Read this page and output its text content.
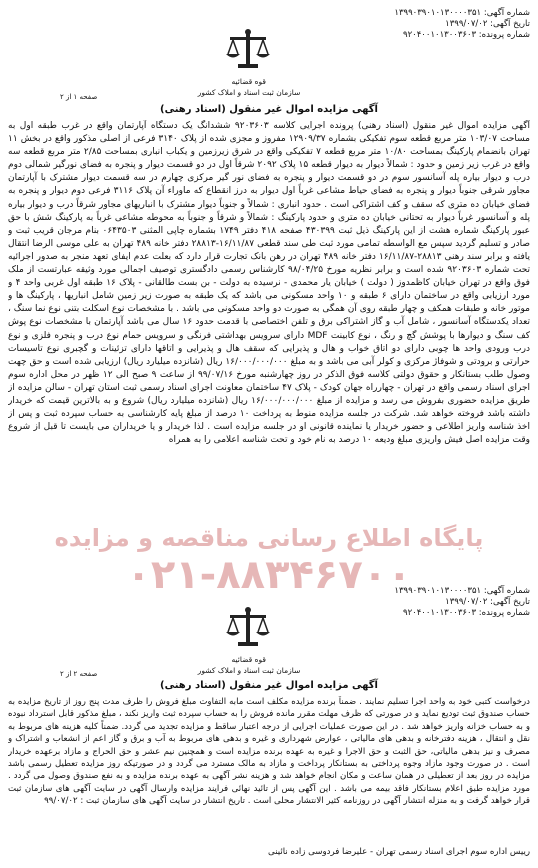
شماره آگهی: ۱۳۹۹۰۳۹۰۱۰۱۳۰۰۰۰۳۵۱
تاریخ آگهی: ۱۳۹۹/۰۷/۰۲
شماره پرونده: ۹۲۰۴۰۰۱۰۱۳۰۰۳۶۰۳
قوه قضائیه
سازمان ثبت اسناد و املاک کشور
صفحه ۱ از ۲
آگهی مزایده اموال غیر منقول (اسناد رهنی)
آگهی مزایده اموال غیر منقول (اسناد رهنی) پرونده اجرایی کلاسه ۹۲۰۳۶۰۳ ششدانگ یک دستگاه آپارتمان واقع در غرب طبقه اول به مساحت ۱۰۳/۰۷ متر مربع قطعه سوم تفکیکی بشماره ۱۲۹۰۹/۳۷ مفروز و مجزی شده از پلاک ۳۱۴۰ فرعی از اصلی مذکور واقع در بخش ۱۱ تهران بانضمام پارکینگ بمساحت ۱۰/۸۰ متر مربع قطعه ۷ تفکیکی واقع در شرق زیرزمین و یکباب انباری بمساحت ۲/۸۵ متر مربع قطعه سه واقع در غرب زیر زمین و حدود : شمالاً دیوار به دیوار قطعه ۱۵ پلاک ۲۰۹۲ شرقاً اول در دو قسمت دیوار و پنجره به فضای نورگیر شمالی دوم درب و دیوار بیاره پله آسانسور سوم در دو قسمت دیوار و پنجره به فضای نور گیر مرکزی چهارم در سه قسمت دیوار مشترک با آپارتمان مجاور شرقی جنوباً دیوار و پنجره به فضای حیاط مشاعی غرباً اول دیوار به درز انقطاع که ماوراء آن پلاک ۳۱۱۶ فرعی دوم دیوار و پنجره به فضای خیابان ده متری که سقف و کف اشتراکی است . حدود انباری : شمالاً و جنوباً دیوار مشترک با انباریهای مجاور شرقاً درب و دیوار بیاره پله و آسانسور غرباً دیوار به تحتانی خیابان ده متری و حدود پارکینگ : شمالاً و شرقاً و جنوباً به محوطه مشاعی غرباً به پارکینگ شش با حق عبور پارکینگ شماره هشت از این پارکینگ ذیل ثبت ۴۳۰۳۹۹ صفحه ۴۱۸ دفتر ۱۷۴۹ بشماره چاپی المثنی ۰۶۴۳۵۰۳ بنام مرجان قریب ثبت و صادر و تسلیم گردید سپس مع الواسطه تمامی مورد ثبت طی سند قطعی ۱۶/۱۱/۸۷-۲۸۸۱۳ دفتر خانه ۴۸۹ تهران به علی موسی الرضا انتقال یافته و برابر سند رهنی ۲۸۸۱۳-۱۶/۱۱/۸۷ دفتر خانه ۴۸۹ تهران در رهن بانک تجارت قرار دارد که بعلت عدم ایفای تعهد منجر به صدور اجرائیه تحت شماره ۹۲۰۳۶۰۳ شده است و برابر نظریه مورخ ۹۸/۰۴/۲۵ کارشناس رسمی دادگستری توصیف اجمالی مورد وثیقه عبارتست از ملک فوق واقع در تهران خیابان کاظمدوز ( دولت ) خیابان یار محمدی - نرسیده به دولت - بن بست طالقانی - پلاک ۱۶ طبقه اول غربی واحد ۴ و مورد ارزیابی واقع در ساختمان دارای ۶ طبقه و ۱۰ واحد مسکونی می باشد که یک طبقه به صورت زیر زمین شامل انباریها ، پارکینگ ها و موتور خانه و طبقات همکف و چهار طبقه روی آن همگی به صورت دو واحد مسکونی می باشد . با مشخصات نوع اسکلت بتنی نوع نما سنگ ، تعداد یکدستگاه آسانسور ، شامل آب و گاز اشتراکی برق و تلفن اختصاصی با قدمت حدود ۱۶ سال می باشد آپارتمان با مشخصات نوع پوش کف سنگ و دیوارها با پوشش گچ و رنگ ، نوع کابینت MDF دارای سرویس بهداشتی فرنگی و سرویس حمام نوع درب و پنجره فلزی و نوع درب ورودی واحد ها چوبی دارای دو اتاق خواب و هال و پذیرایی که سقف هال و پذیرایی و اتاقها دارای تزئینات و گچبری نوع تاسیسات حرارتی و برودتی و شوفاژ مرکزی و کولر آبی می باشد و به مبلغ ۱۶/۰۰۰/۰۰۰/۰۰۰ ریال (شانزده میلیارد ریال) ارزیابی شده است و حق چهت وصول طلب بستانکار و حقوق دولتی کلاسه فوق الذکر در روز چهارشنبه مورخ ۹۹/۰۷/۱۶ از ساعت ۹ صبح الی ۱۲ ظهر در محل اداره سوم اجرای اسناد رسمی واقع در تهران - چهارراه جهان کودک - پلاک ۴۷ ساختمان معاونت اجرای اسناد رسمی ثبت استان تهران - سالن مزایده از طریق مزایده حضوری بفروش می رسد و مزایده از مبلغ ۱۶/۰۰۰/۰۰۰/۰۰۰ ریال (شانزده میلیارد ریال) شروع و به بالاترین قیمت که خریدار داشته باشد فروخته خواهد شد. شرکت در جلسه مزایده منوط به پرداخت ۱۰ درصد از مبلغ پایه کارشناسی به حساب سپرده ثبت و پس از اخذ شناسه واریز اطلاعی و حضور خریدار یا نماینده قانونی او در جلسه مزایده است . لذا خریدار و یا خریداران می بایست تا قبل از شروع وقت مزایده اصل فیش واریزی مبلغ ودیعه ۱۰ درصد به نام خود و تحت شناسه اعلامی را به همراه
پایگاه اطلاع رسانی مناقصه و مزایده
۰۲۱-۸۸۳۴۶۷۰۰
شماره آگهی: ۱۳۹۹۰۳۹۰۱۰۱۳۰۰۰۰۳۵۱
تاریخ آگهی: ۱۳۹۹/۰۷/۰۲
شماره پرونده: ۹۲۰۴۰۰۱۰۱۳۰۰۳۶۰۳
قوه قضائیه
سازمان ثبت اسناد و املاک کشور
صفحه ۲ از ۲
آگهی مزایده اموال غیر منقول (اسناد رهنی)
درخواست کتبی خود به واحد اجرا تسلیم نمایند . ضمناً برنده مزایده مکلف است مابه التفاوت مبلغ فروش را ظرف مدت پنج روز از تاریخ مزایده به حساب صندوق ثبت تودیع نماید و در صورتی که ظرف مهلت مقرر مانده فروش را به حساب سپرده ثبت واریز نکند ، مبلغ مذکور قابل استرداد نبوده و به حساب خزانه واریز خواهد شد . در این صورت عملیات اجرایی از درجه اعتبار ساقط و مزایده تجدید می گردد. ضمناً کلیه هزینه های مربوط به نقل و انتقال ، هزینه دفترخانه و بدهی های مالیاتی ، عوارض شهرداری و غیره و بدهی های مربوط به آب و برق و گاز اعم از انشعاب و اشتراک و مصرف و نیز بدهی مالیاتی، حق الثبت و حق الاجرا و غیره به عهده برنده مزایده است و همچنین نیم عشر و حق الحراج و مازاد برعهده خریدار است . در صورت وجود مازاد وجوه پرداختی به بستانکار پرداخت و مازاد به مالک مسترد می گردد و در صورتیکه روز مزایده تعطیل رسمی باشد مزایده در روز بعد از تعطیلی در همان ساعت و مکان انجام خواهد شد و هزینه نشر آگهی به عهده برنده مزایده و به نفع صندوق وصول می گردد . مورد مزایده طبق اعلام بستانکار فاقد بیمه می باشد . این آگهی پس از تائید نهائی فرایند مزایده وارسال آگهی در سایت آگهی های سازمان ثبت قرار خواهد گرفت و به منزله انتشار آگهی در روزنامه کثیر الانتشار محلی است . تاریخ انتشار در سایت آگهی های سازمان ثبت : ۹۹/۰۷/۰۲
رییس اداره سوم اجرای اسناد رسمی تهران - علیرضا فردوسی زاده نائینی
